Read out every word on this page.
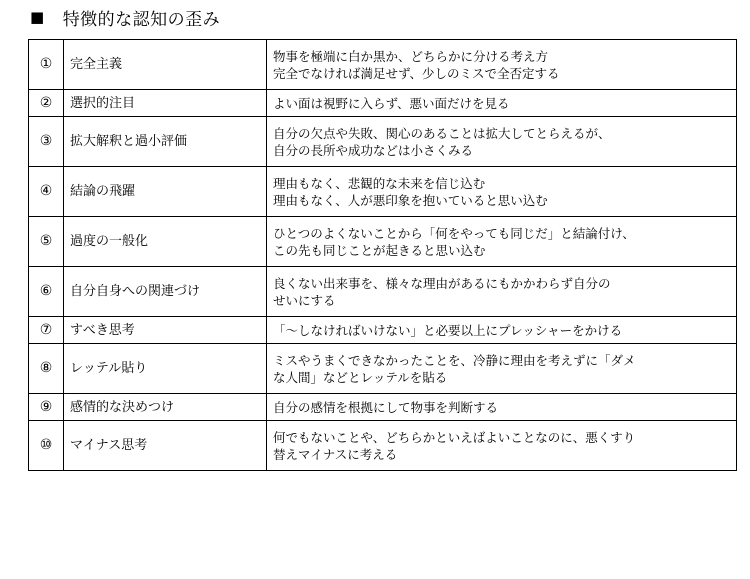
■ 特徴的な認知の歪み
①	完全主義	物事を極端に白か黒か、どちらかに分ける考え方
完全でなければ満足せず、少しのミスで全否定する

②	選択的注目	よい面は視野に入らず、悪い面だけを見る

③	拡大解釈と過小評価	自分の欠点や失敗、関心のあることは拡大してとらえるが、
自分の長所や成功などは小さくみる

④	結論の飛躍	理由もなく、悲観的な未来を信じ込む
理由もなく、人が悪印象を抱いていると思い込む

⑤	過度の一般化	ひとつのよくないことから「何をやっても同じだ」と結論付け、
この先も同じことが起きると思い込む

⑥	自分自身への関連づけ	良くない出来事を、様々な理由があるにもかかわらず自分の
せいにする

⑦	すべき思考	「～しなければいけない」と必要以上にプレッシャーをかける

⑧	レッテル貼り	ミスやうまくできなかったことを、冷静に理由を考えずに「ダメ
な人間」などとレッテルを貼る

⑨	感情的な決めつけ	自分の感情を根拠にして物事を判断する

⑩	マイナス思考	何でもないことや、どちらかといえばよいことなのに、悪くすり
替えマイナスに考える
